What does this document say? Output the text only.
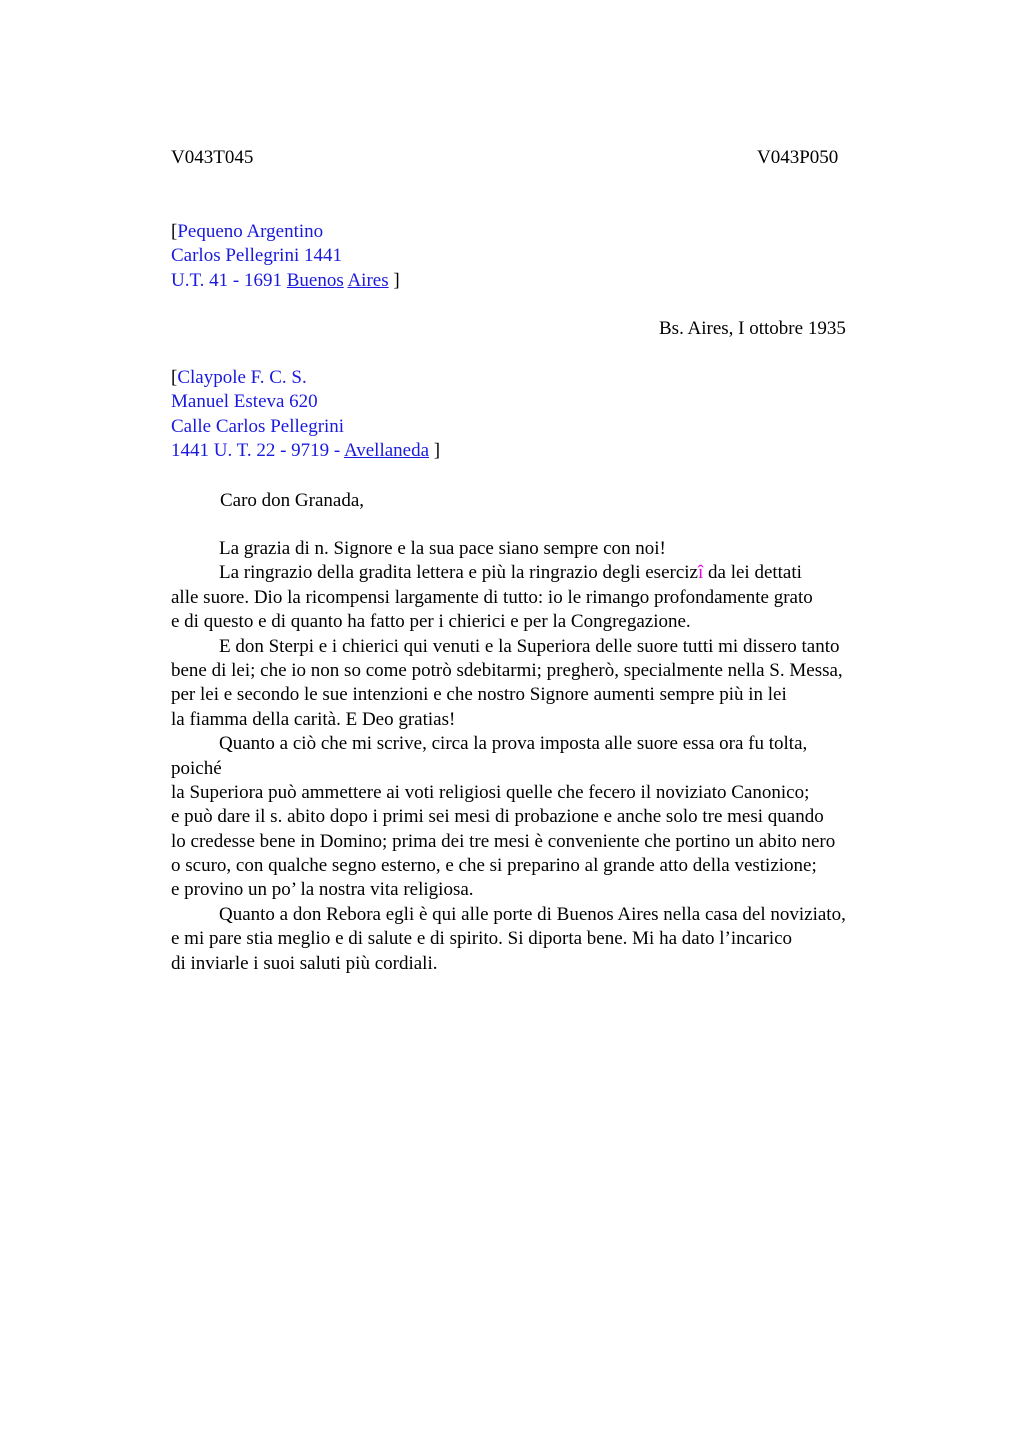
V043T045	V043P050
[Pequeno Argentino
Carlos Pellegrini 1441
U.T. 41 - 1691 Buenos Aires ]
Bs. Aires, I ottobre 1935
[Claypole F. C. S.
Manuel Esteva 620
Calle Carlos Pellegrini
1441 U. T. 22 - 9719 - Avellaneda ]
Caro don Granada,
La grazia di n. Signore e la sua pace siano sempre con noi!
La ringrazio della gradita lettera e più la ringrazio degli esercizî da lei dettati
alle suore. Dio la ricompensi largamente di tutto: io le rimango profondamente grato
e di questo e di quanto ha fatto per i chierici e per la Congregazione.
E don Sterpi e i chierici qui venuti e la Superiora delle suore tutti mi dissero tanto
bene di lei; che io non so come potrò sdebitarmi; pregherò, specialmente nella S. Messa,
per lei e secondo le sue intenzioni e che nostro Signore aumenti sempre più in lei
la fiamma della carità. E Deo gratias!
Quanto a ciò che mi scrive, circa la prova imposta alle suore essa ora fu tolta,
poiché
la Superiora può ammettere ai voti religiosi quelle che fecero il noviziato Canonico;
e può dare il s. abito dopo i primi sei mesi di probazione e anche solo tre mesi quando
lo credesse bene in Domino; prima dei tre mesi è conveniente che portino un abito nero
o scuro, con qualche segno esterno, e che si preparino al grande atto della vestizione;
e provino un po’ la nostra vita religiosa.
Quanto a don Rebora egli è qui alle porte di Buenos Aires nella casa del noviziato,
e mi pare stia meglio e di salute e di spirito. Si diporta bene. Mi ha dato l’incarico
di inviarle i suoi saluti più cordiali.
